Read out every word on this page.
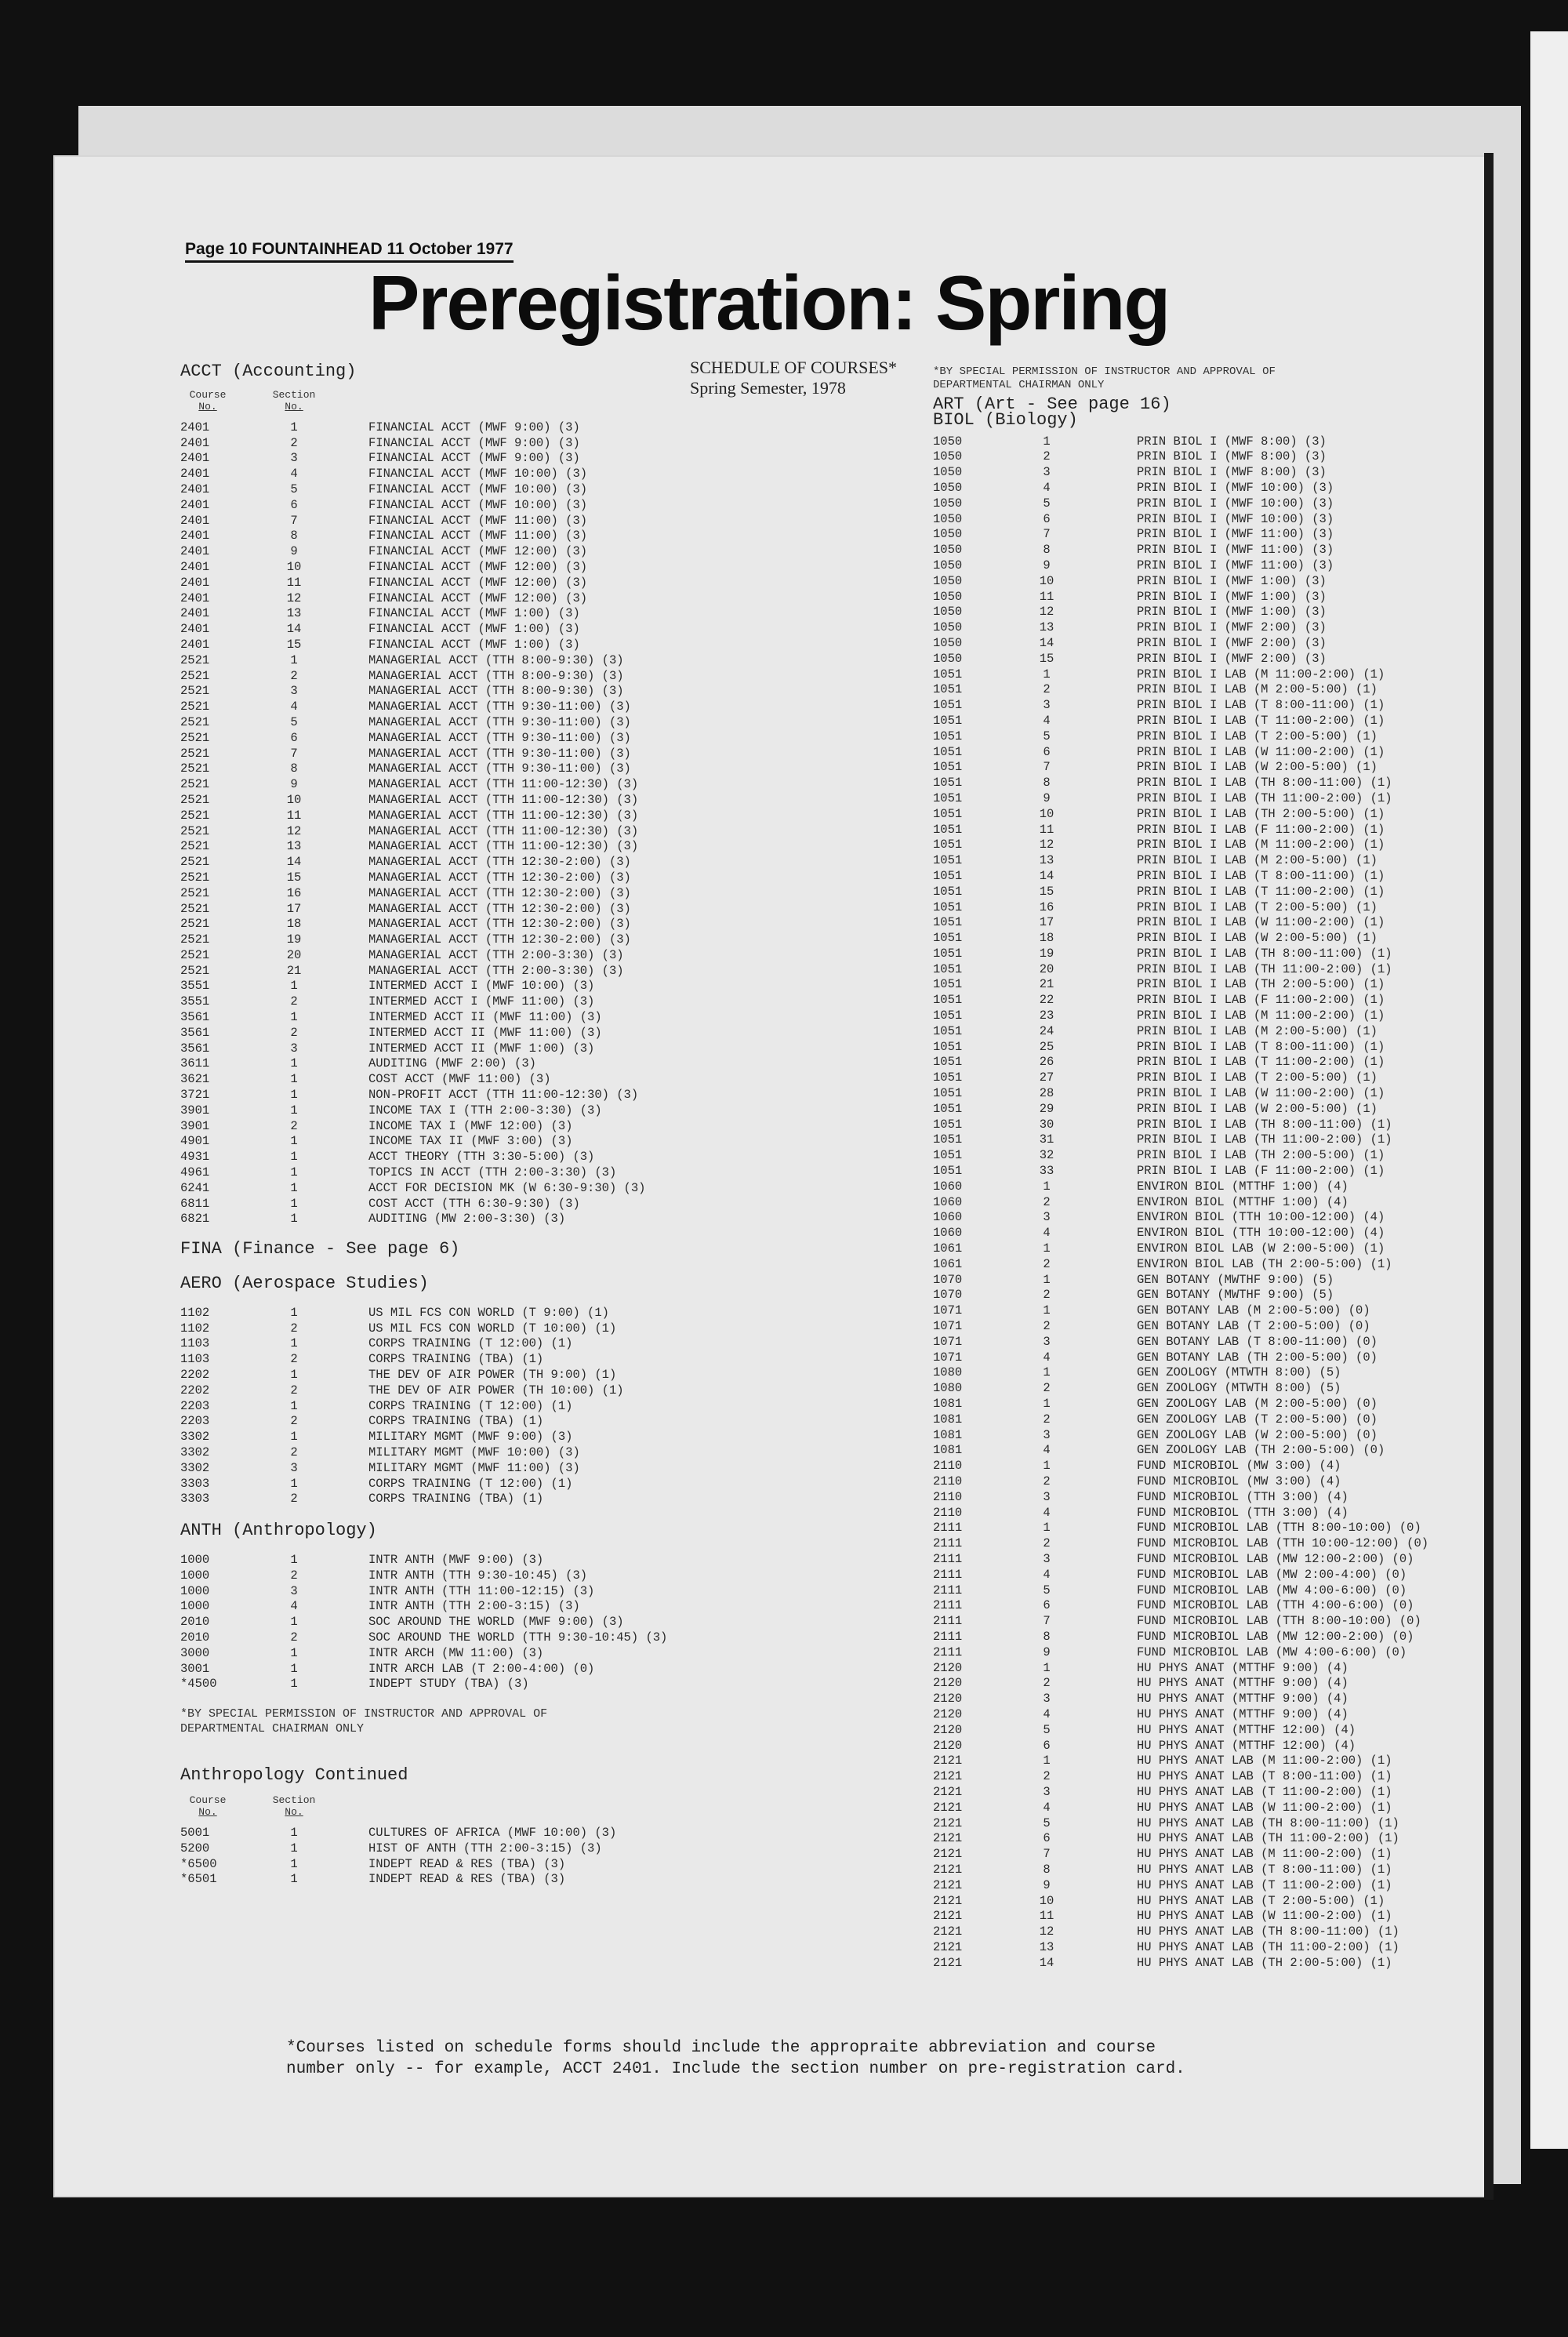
Page 10 FOUNTAINHEAD 11 October 1977
Preregistration: Spring
ACCT (Accounting)
Course
No.
Section
No.
2401	1	FINANCIAL ACCT (MWF 9:00) (3)
2401	2	FINANCIAL ACCT (MWF 9:00) (3)
2401	3	FINANCIAL ACCT (MWF 9:00) (3)
2401	4	FINANCIAL ACCT (MWF 10:00) (3)
2401	5	FINANCIAL ACCT (MWF 10:00) (3)
2401	6	FINANCIAL ACCT (MWF 10:00) (3)
2401	7	FINANCIAL ACCT (MWF 11:00) (3)
2401	8	FINANCIAL ACCT (MWF 11:00) (3)
2401	9	FINANCIAL ACCT (MWF 12:00) (3)
2401	10	FINANCIAL ACCT (MWF 12:00) (3)
2401	11	FINANCIAL ACCT (MWF 12:00) (3)
2401	12	FINANCIAL ACCT (MWF 12:00) (3)
2401	13	FINANCIAL ACCT (MWF 1:00) (3)
2401	14	FINANCIAL ACCT (MWF 1:00) (3)
2401	15	FINANCIAL ACCT (MWF 1:00) (3)
2521	1	MANAGERIAL ACCT (TTH 8:00-9:30) (3)
2521	2	MANAGERIAL ACCT (TTH 8:00-9:30) (3)
2521	3	MANAGERIAL ACCT (TTH 8:00-9:30) (3)
2521	4	MANAGERIAL ACCT (TTH 9:30-11:00) (3)
2521	5	MANAGERIAL ACCT (TTH 9:30-11:00) (3)
2521	6	MANAGERIAL ACCT (TTH 9:30-11:00) (3)
2521	7	MANAGERIAL ACCT (TTH 9:30-11:00) (3)
2521	8	MANAGERIAL ACCT (TTH 9:30-11:00) (3)
2521	9	MANAGERIAL ACCT (TTH 11:00-12:30) (3)
2521	10	MANAGERIAL ACCT (TTH 11:00-12:30) (3)
2521	11	MANAGERIAL ACCT (TTH 11:00-12:30) (3)
2521	12	MANAGERIAL ACCT (TTH 11:00-12:30) (3)
2521	13	MANAGERIAL ACCT (TTH 11:00-12:30) (3)
2521	14	MANAGERIAL ACCT (TTH 12:30-2:00) (3)
2521	15	MANAGERIAL ACCT (TTH 12:30-2:00) (3)
2521	16	MANAGERIAL ACCT (TTH 12:30-2:00) (3)
2521	17	MANAGERIAL ACCT (TTH 12:30-2:00) (3)
2521	18	MANAGERIAL ACCT (TTH 12:30-2:00) (3)
2521	19	MANAGERIAL ACCT (TTH 12:30-2:00) (3)
2521	20	MANAGERIAL ACCT (TTH 2:00-3:30) (3)
2521	21	MANAGERIAL ACCT (TTH 2:00-3:30) (3)
3551	1	INTERMED ACCT I (MWF 10:00) (3)
3551	2	INTERMED ACCT I (MWF 11:00) (3)
3561	1	INTERMED ACCT II (MWF 11:00) (3)
3561	2	INTERMED ACCT II (MWF 11:00) (3)
3561	3	INTERMED ACCT II (MWF 1:00) (3)
3611	1	AUDITING (MWF 2:00) (3)
3621	1	COST ACCT (MWF 11:00) (3)
3721	1	NON-PROFIT ACCT (TTH 11:00-12:30) (3)
3901	1	INCOME TAX I (TTH 2:00-3:30) (3)
3901	2	INCOME TAX I (MWF 12:00) (3)
4901	1	INCOME TAX II (MWF 3:00) (3)
4931	1	ACCT THEORY (TTH 3:30-5:00) (3)
4961	1	TOPICS IN ACCT (TTH 2:00-3:30) (3)
6241	1	ACCT FOR DECISION MK (W 6:30-9:30) (3)
6811	1	COST ACCT (TTH 6:30-9:30) (3)
6821	1	AUDITING (MW 2:00-3:30) (3)
FINA (Finance - See page 6)
AERO (Aerospace Studies)
1102	1	US MIL FCS CON WORLD (T 9:00) (1)
1102	2	US MIL FCS CON WORLD (T 10:00) (1)
1103	1	CORPS TRAINING (T 12:00) (1)
1103	2	CORPS TRAINING (TBA) (1)
2202	1	THE DEV OF AIR POWER (TH 9:00) (1)
2202	2	THE DEV OF AIR POWER (TH 10:00) (1)
2203	1	CORPS TRAINING (T 12:00) (1)
2203	2	CORPS TRAINING (TBA) (1)
3302	1	MILITARY MGMT (MWF 9:00) (3)
3302	2	MILITARY MGMT (MWF 10:00) (3)
3302	3	MILITARY MGMT (MWF 11:00) (3)
3303	1	CORPS TRAINING (T 12:00) (1)
3303	2	CORPS TRAINING (TBA) (1)
ANTH (Anthropology)
1000	1	INTR ANTH (MWF 9:00) (3)
1000	2	INTR ANTH (TTH 9:30-10:45) (3)
1000	3	INTR ANTH (TTH 11:00-12:15) (3)
1000	4	INTR ANTH (TTH 2:00-3:15) (3)
2010	1	SOC AROUND THE WORLD (MWF 9:00) (3)
2010	2	SOC AROUND THE WORLD (TTH 9:30-10:45) (3)
3000	1	INTR ARCH (MW 11:00) (3)
3001	1	INTR ARCH LAB (T 2:00-4:00) (0)
*4500	1	INDEPT STUDY (TBA) (3)
*BY SPECIAL PERMISSION OF INSTRUCTOR AND APPROVAL OF
DEPARTMENTAL CHAIRMAN ONLY
Anthropology Continued
Course
No.
Section
No.
5001	1	CULTURES OF AFRICA (MWF 10:00) (3)
5200	1	HIST OF ANTH (TTH 2:00-3:15) (3)
*6500	1	INDEPT READ & RES (TBA) (3)
*6501	1	INDEPT READ & RES (TBA) (3)
SCHEDULE OF COURSES*
Spring Semester, 1978
*BY SPECIAL PERMISSION OF INSTRUCTOR AND APPROVAL OF
DEPARTMENTAL CHAIRMAN ONLY
ART (Art - See page 16)
BIOL (Biology)
1050	1	PRIN BIOL I (MWF 8:00) (3)
1050	2	PRIN BIOL I (MWF 8:00) (3)
1050	3	PRIN BIOL I (MWF 8:00) (3)
1050	4	PRIN BIOL I (MWF 10:00) (3)
1050	5	PRIN BIOL I (MWF 10:00) (3)
1050	6	PRIN BIOL I (MWF 10:00) (3)
1050	7	PRIN BIOL I (MWF 11:00) (3)
1050	8	PRIN BIOL I (MWF 11:00) (3)
1050	9	PRIN BIOL I (MWF 11:00) (3)
1050	10	PRIN BIOL I (MWF 1:00) (3)
1050	11	PRIN BIOL I (MWF 1:00) (3)
1050	12	PRIN BIOL I (MWF 1:00) (3)
1050	13	PRIN BIOL I (MWF 2:00) (3)
1050	14	PRIN BIOL I (MWF 2:00) (3)
1050	15	PRIN BIOL I (MWF 2:00) (3)
1051	1	PRIN BIOL I LAB (M 11:00-2:00) (1)
1051	2	PRIN BIOL I LAB (M 2:00-5:00) (1)
1051	3	PRIN BIOL I LAB (T 8:00-11:00) (1)
1051	4	PRIN BIOL I LAB (T 11:00-2:00) (1)
1051	5	PRIN BIOL I LAB (T 2:00-5:00) (1)
1051	6	PRIN BIOL I LAB (W 11:00-2:00) (1)
1051	7	PRIN BIOL I LAB (W 2:00-5:00) (1)
1051	8	PRIN BIOL I LAB (TH 8:00-11:00) (1)
1051	9	PRIN BIOL I LAB (TH 11:00-2:00) (1)
1051	10	PRIN BIOL I LAB (TH 2:00-5:00) (1)
1051	11	PRIN BIOL I LAB (F 11:00-2:00) (1)
1051	12	PRIN BIOL I LAB (M 11:00-2:00) (1)
1051	13	PRIN BIOL I LAB (M 2:00-5:00) (1)
1051	14	PRIN BIOL I LAB (T 8:00-11:00) (1)
1051	15	PRIN BIOL I LAB (T 11:00-2:00) (1)
1051	16	PRIN BIOL I LAB (T 2:00-5:00) (1)
1051	17	PRIN BIOL I LAB (W 11:00-2:00) (1)
1051	18	PRIN BIOL I LAB (W 2:00-5:00) (1)
1051	19	PRIN BIOL I LAB (TH 8:00-11:00) (1)
1051	20	PRIN BIOL I LAB (TH 11:00-2:00) (1)
1051	21	PRIN BIOL I LAB (TH 2:00-5:00) (1)
1051	22	PRIN BIOL I LAB (F 11:00-2:00) (1)
1051	23	PRIN BIOL I LAB (M 11:00-2:00) (1)
1051	24	PRIN BIOL I LAB (M 2:00-5:00) (1)
1051	25	PRIN BIOL I LAB (T 8:00-11:00) (1)
1051	26	PRIN BIOL I LAB (T 11:00-2:00) (1)
1051	27	PRIN BIOL I LAB (T 2:00-5:00) (1)
1051	28	PRIN BIOL I LAB (W 11:00-2:00) (1)
1051	29	PRIN BIOL I LAB (W 2:00-5:00) (1)
1051	30	PRIN BIOL I LAB (TH 8:00-11:00) (1)
1051	31	PRIN BIOL I LAB (TH 11:00-2:00) (1)
1051	32	PRIN BIOL I LAB (TH 2:00-5:00) (1)
1051	33	PRIN BIOL I LAB (F 11:00-2:00) (1)
1060	1	ENVIRON BIOL (MTTHF 1:00) (4)
1060	2	ENVIRON BIOL (MTTHF 1:00) (4)
1060	3	ENVIRON BIOL (TTH 10:00-12:00) (4)
1060	4	ENVIRON BIOL (TTH 10:00-12:00) (4)
1061	1	ENVIRON BIOL LAB (W 2:00-5:00) (1)
1061	2	ENVIRON BIOL LAB (TH 2:00-5:00) (1)
1070	1	GEN BOTANY (MWTHF 9:00) (5)
1070	2	GEN BOTANY (MWTHF 9:00) (5)
1071	1	GEN BOTANY LAB (M 2:00-5:00) (0)
1071	2	GEN BOTANY LAB (T 2:00-5:00) (0)
1071	3	GEN BOTANY LAB (T 8:00-11:00) (0)
1071	4	GEN BOTANY LAB (TH 2:00-5:00) (0)
1080	1	GEN ZOOLOGY (MTWTH 8:00) (5)
1080	2	GEN ZOOLOGY (MTWTH 8:00) (5)
1081	1	GEN ZOOLOGY LAB (M 2:00-5:00) (0)
1081	2	GEN ZOOLOGY LAB (T 2:00-5:00) (0)
1081	3	GEN ZOOLOGY LAB (W 2:00-5:00) (0)
1081	4	GEN ZOOLOGY LAB (TH 2:00-5:00) (0)
2110	1	FUND MICROBIOL (MW 3:00) (4)
2110	2	FUND MICROBIOL (MW 3:00) (4)
2110	3	FUND MICROBIOL (TTH 3:00) (4)
2110	4	FUND MICROBIOL (TTH 3:00) (4)
2111	1	FUND MICROBIOL LAB (TTH 8:00-10:00) (0)
2111	2	FUND MICROBIOL LAB (TTH 10:00-12:00) (0)
2111	3	FUND MICROBIOL LAB (MW 12:00-2:00) (0)
2111	4	FUND MICROBIOL LAB (MW 2:00-4:00) (0)
2111	5	FUND MICROBIOL LAB (MW 4:00-6:00) (0)
2111	6	FUND MICROBIOL LAB (TTH 4:00-6:00) (0)
2111	7	FUND MICROBIOL LAB (TTH 8:00-10:00) (0)
2111	8	FUND MICROBIOL LAB (MW 12:00-2:00) (0)
2111	9	FUND MICROBIOL LAB (MW 4:00-6:00) (0)
2120	1	HU PHYS ANAT (MTTHF 9:00) (4)
2120	2	HU PHYS ANAT (MTTHF 9:00) (4)
2120	3	HU PHYS ANAT (MTTHF 9:00) (4)
2120	4	HU PHYS ANAT (MTTHF 9:00) (4)
2120	5	HU PHYS ANAT (MTTHF 12:00) (4)
2120	6	HU PHYS ANAT (MTTHF 12:00) (4)
2121	1	HU PHYS ANAT LAB (M 11:00-2:00) (1)
2121	2	HU PHYS ANAT LAB (T 8:00-11:00) (1)
2121	3	HU PHYS ANAT LAB (T 11:00-2:00) (1)
2121	4	HU PHYS ANAT LAB (W 11:00-2:00) (1)
2121	5	HU PHYS ANAT LAB (TH 8:00-11:00) (1)
2121	6	HU PHYS ANAT LAB (TH 11:00-2:00) (1)
2121	7	HU PHYS ANAT LAB (M 11:00-2:00) (1)
2121	8	HU PHYS ANAT LAB (T 8:00-11:00) (1)
2121	9	HU PHYS ANAT LAB (T 11:00-2:00) (1)
2121	10	HU PHYS ANAT LAB (T 2:00-5:00) (1)
2121	11	HU PHYS ANAT LAB (W 11:00-2:00) (1)
2121	12	HU PHYS ANAT LAB (TH 8:00-11:00) (1)
2121	13	HU PHYS ANAT LAB (TH 11:00-2:00) (1)
2121	14	HU PHYS ANAT LAB (TH 2:00-5:00) (1)
*Courses listed on schedule forms should include the appropraite abbreviation and course
number only -- for example, ACCT 2401. Include the section number on pre-registration card.
